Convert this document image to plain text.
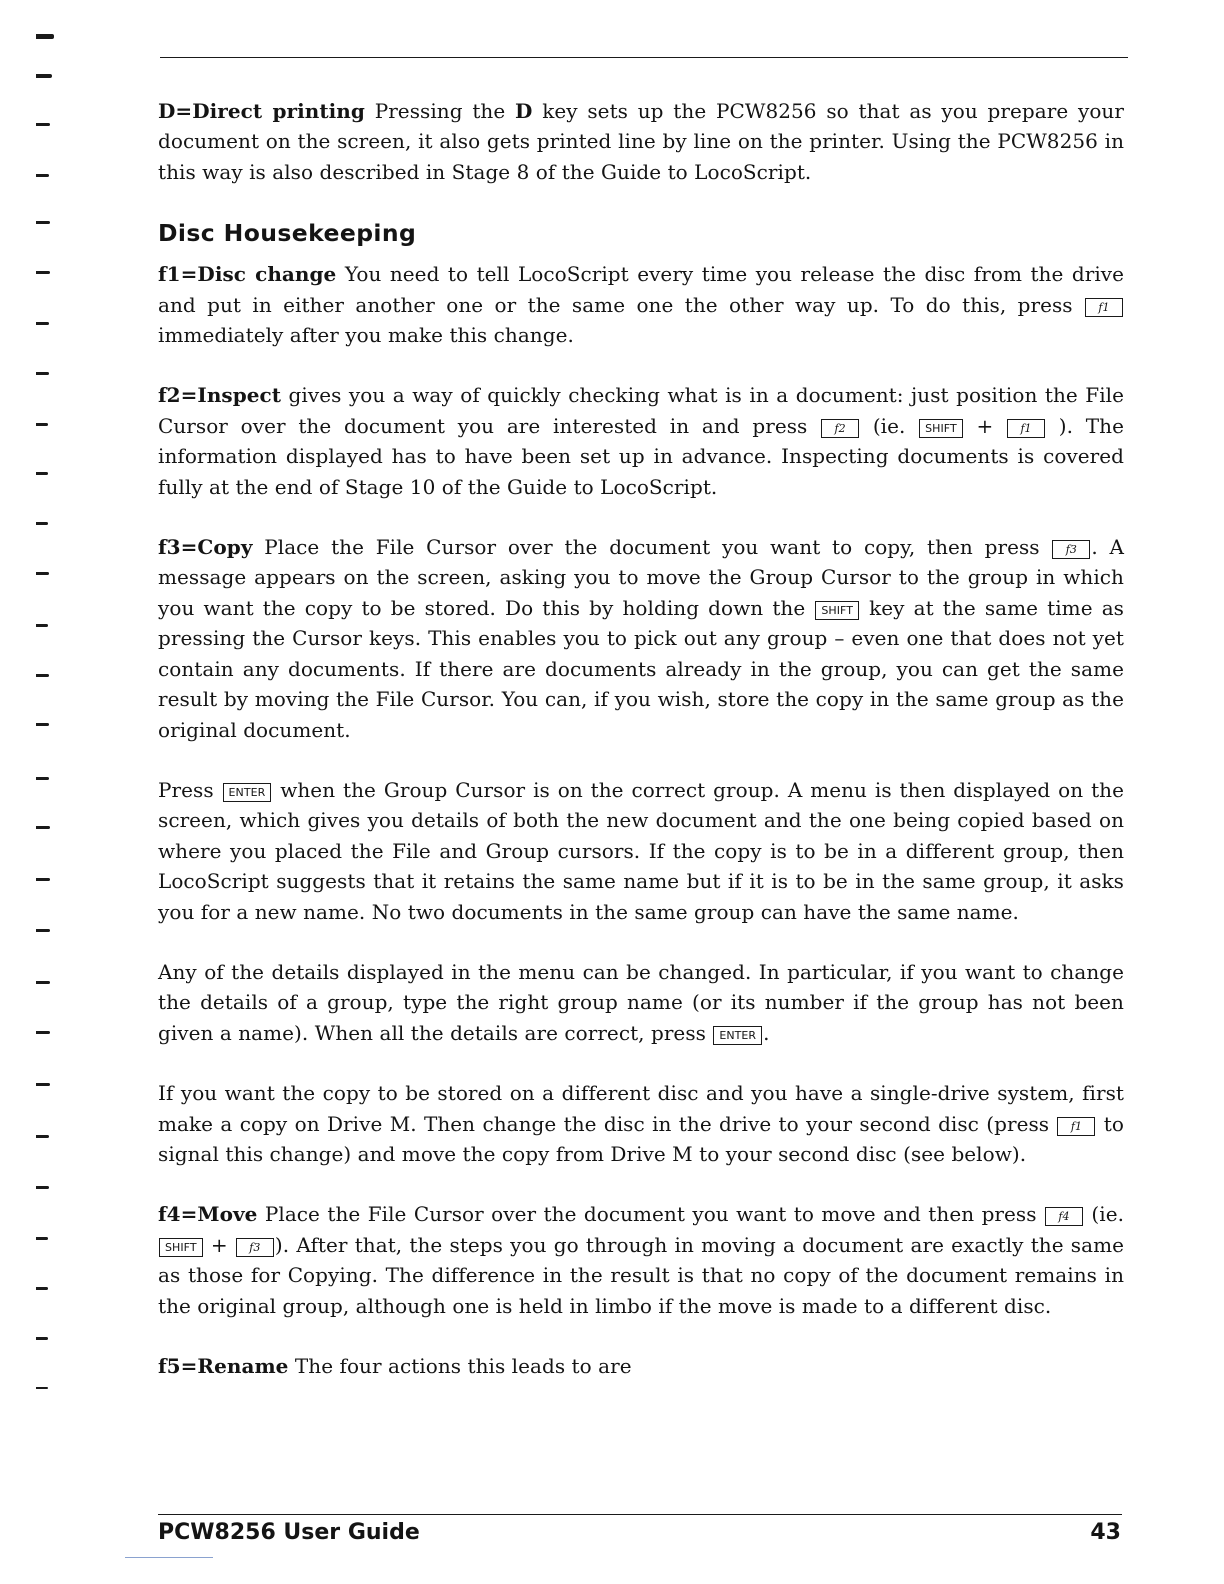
D=Direct printing Pressing the D key sets up the PCW8256 so that as you prepare your document on the screen, it also gets printed line by line on the printer. Using the PCW8256 in this way is also described in Stage 8 of the Guide to LocoScript.

Disc Housekeeping

f1=Disc change You need to tell LocoScript every time you release the disc from the drive and put in either another one or the same one the other way up. To do this, press f1 immediately after you make this change.

f2=Inspect gives you a way of quickly checking what is in a document: just position the File Cursor over the document you are interested in and press f2 (ie. SHIFT + f1 ). The information displayed has to have been set up in advance. Inspecting documents is covered fully at the end of Stage 10 of the Guide to LocoScript.

f3=Copy Place the File Cursor over the document you want to copy, then press f3 . A message appears on the screen, asking you to move the Group Cursor to the group in which you want the copy to be stored. Do this by holding down the SHIFT key at the same time as pressing the Cursor keys. This enables you to pick out any group – even one that does not yet contain any documents. If there are documents already in the group, you can get the same result by moving the File Cursor. You can, if you wish, store the copy in the same group as the original document.

Press ENTER when the Group Cursor is on the correct group. A menu is then displayed on the screen, which gives you details of both the new document and the one being copied based on where you placed the File and Group cursors. If the copy is to be in a different group, then LocoScript suggests that it retains the same name but if it is to be in the same group, it asks you for a new name. No two documents in the same group can have the same name.

Any of the details displayed in the menu can be changed. In particular, if you want to change the details of a group, type the right group name (or its number if the group has not been given a name). When all the details are correct, press ENTER .

If you want the copy to be stored on a different disc and you have a single-drive system, first make a copy on Drive M. Then change the disc in the drive to your second disc (press f1 to signal this change) and move the copy from Drive M to your second disc (see below).

f4=Move Place the File Cursor over the document you want to move and then press f4 (ie. SHIFT + f3 ). After that, the steps you go through in moving a document are exactly the same as those for Copying. The difference in the result is that no copy of the document remains in the original group, although one is held in limbo if the move is made to a different disc.

f5=Rename The four actions this leads to are

PCW8256 User Guide	43
